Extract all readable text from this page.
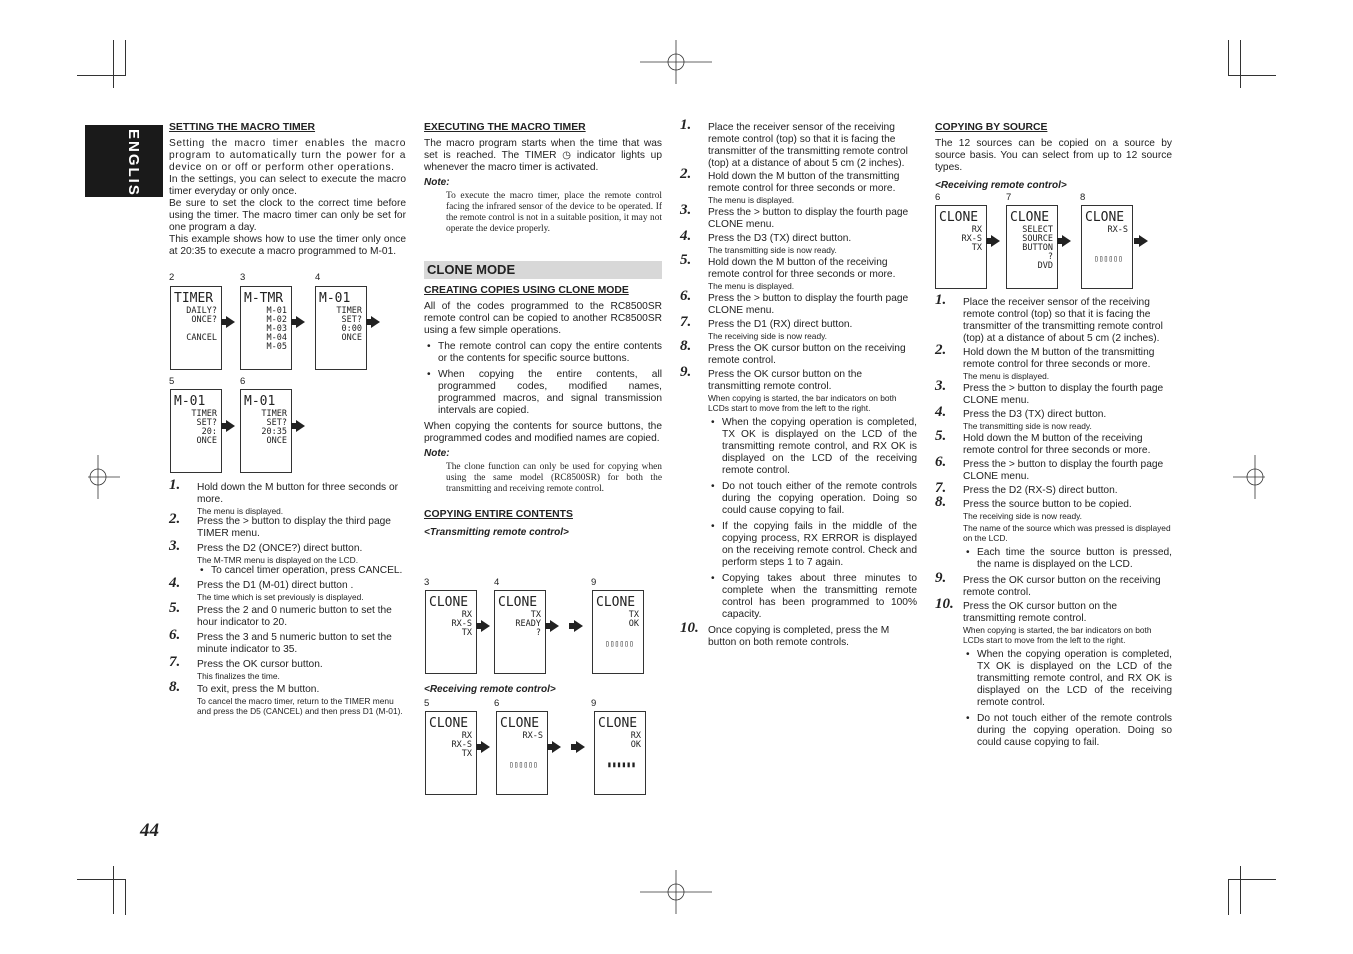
ENGLISH
44

SETTING THE MACRO TIMER

Setting the macro timer enables the macro program to automatically turn the power for a device on or off or perform other operations.

In the settings, you can select to execute the macro timer everyday or only once.

Be sure to set the clock to the correct time before using the timer. The macro timer can only be set for one program a day.

This example shows how to use the timer only once at 20:35 to execute a macro programmed to M-01.

2	3	4
5	6
TIMER
DAILY?
ONCE?

CANCEL
M-TMR
M-01
M-02
M-03
M-04
M-05
M-01
TIMER
SET?
0:00
ONCE
M-01
TIMER
SET?
20:
ONCE
M-01
TIMER
SET?
20:35
ONCE
1. Hold down the M button for three seconds or more.

The menu is displayed.

2. Press the > button to display the third page TIMER menu.
3. Press the D2 (ONCE?) direct button.

The M-TMR menu is displayed on the LCD.

• To cancel timer operation, press CANCEL.
4. Press the D1 (M-01) direct button .

The time which is set previously is displayed.

5. Press the 2 and 0 numeric button to set the hour indicator to 20.
6. Press the 3 and 5 numeric button to set the minute indicator to 35.
7. Press the OK cursor button.

This finalizes the time.

8. To exit, press the M button.

To cancel the macro timer, return to the TIMER menu and press the D5 (CANCEL) and then press D1 (M-01).

EXECUTING THE MACRO TIMER

The macro program starts when the time that was set is reached. The TIMER ◷ indicator lights up whenever the macro timer is activated.

Note:

To execute the macro timer, place the remote control facing the infrared sensor of the device to be operated. If the remote control is not in a suitable position, it may not operate the device properly.

CLONE MODE

CREATING COPIES USING CLONE MODE

All of the codes programmed to the RC8500SR remote control can be copied to another RC8500SR using a few simple operations.

• The remote control can copy the entire contents or the contents for specific source buttons.
• When copying the entire contents, all programmed codes, modified names, programmed macros, and signal transmission intervals are copied.

When copying the contents for source buttons, the programmed codes and modified names are copied.

Note:

The clone function can only be used for copying when using the same model (RC8500SR) for both the transmitting and receiving remote control.

COPYING ENTIRE CONTENTS

<Transmitting remote control>

3	4	9
CLONE
RX
RX-S
TX
CLONE
TX
READY
?
CLONE
TX
OK
▯▯▯▯▯▯

<Receiving remote control>

5	6	9
CLONE
RX
RX-S
TX
CLONE
RX-S
▯▯▯▯▯▯
CLONE
RX
OK
▮▮▮▮▮▮
1. Place the receiver sensor of the receiving remote control (top) so that it is facing the transmitter of the transmitting remote control (top) at a distance of about 5 cm (2 inches).
2. Hold down the M button of the transmitting remote control for three seconds or more.

The menu is displayed.

3. Press the > button to display the fourth page CLONE menu.
4. Press the D3 (TX) direct button.

The transmitting side is now ready.

5. Hold down the M button of the receiving remote control for three seconds or more.

The menu is displayed.

6. Press the > button to display the fourth page CLONE menu.
7. Press the D1 (RX) direct button.

The receiving side is now ready.

8. Press the OK cursor button on the receiving remote control.
9. Press the OK cursor button on the transmitting remote control.

When copying is started, the bar indicators on both LCDs start to move from the left to the right.

• When the copying operation is completed, TX OK is displayed on the LCD of the transmitting remote control, and RX OK is displayed on the LCD of the receiving remote control.
• Do not touch either of the remote controls during the copying operation. Doing so could cause copying to fail.
• If the copying fails in the middle of the copying process, RX ERROR is displayed on the receiving remote control. Check and perform steps 1 to 7 again.
• Copying takes about three minutes to complete when the transmitting remote control has been programmed to 100% capacity.
10. Once copying is completed, press the M button on both remote controls.

COPYING BY SOURCE

The 12 sources can be copied on a source by source basis. You can select from up to 12 source types.

<Receiving remote control>

6	7	8
CLONE
RX
RX-S
TX
CLONE
SELECT
SOURCE
BUTTON
?
DVD
CLONE
RX-S
▯▯▯▯▯▯
1. Place the receiver sensor of the receiving remote control (top) so that it is facing the transmitter of the transmitting remote control (top) at a distance of about 5 cm (2 inches).
2. Hold down the M button of the transmitting remote control for three seconds or more.

The menu is displayed.

3. Press the > button to display the fourth page CLONE menu.
4. Press the D3 (TX) direct button.

The transmitting side is now ready.

5. Hold down the M button of the receiving remote control for three seconds or more.
6. Press the > button to display the fourth page CLONE menu.
7. Press the D2 (RX-S) direct button.
8. Press the source button to be copied.

The receiving side is now ready.

The name of the source which was pressed is displayed on the LCD.

• Each time the source button is pressed, the name is displayed on the LCD.
9. Press the OK cursor button on the receiving remote control.
10. Press the OK cursor button on the transmitting remote control.

When copying is started, the bar indicators on both LCDs start to move from the left to the right.

• When the copying operation is completed, TX OK is displayed on the LCD of the transmitting remote control, and RX OK is displayed on the LCD of the receiving remote control.
• Do not touch either of the remote controls during the copying operation. Doing so could cause copying to fail.
